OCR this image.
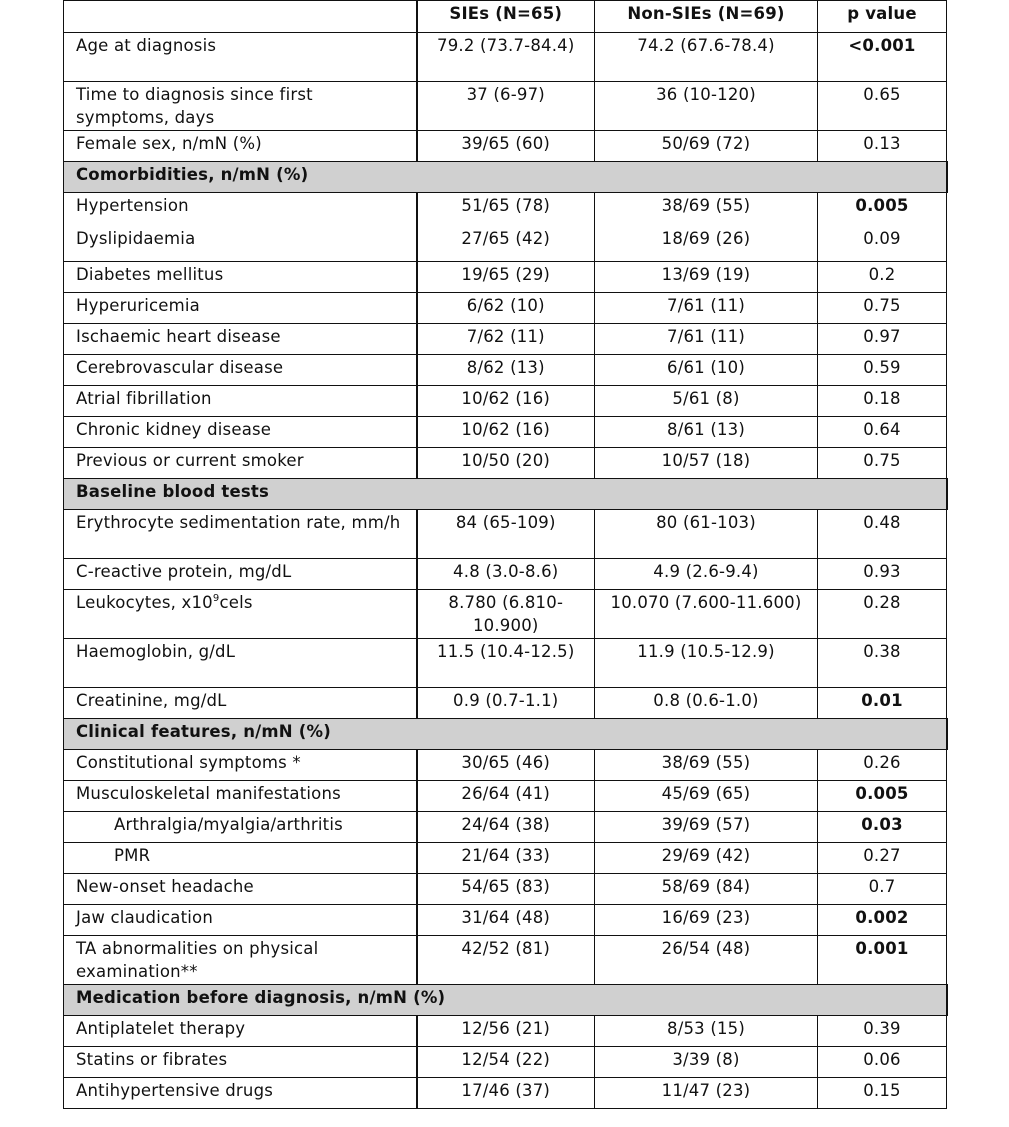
	SIEs (N=65)	Non-SIEs (N=69)	p value
Age at diagnosis	79.2 (73.7-84.4)	74.2 (67.6-78.4)	<0.001
Time to diagnosis since first symptoms, days	37 (6-97)	36 (10-120)	0.65
Female sex, n/mN (%)	39/65 (60)	50/69 (72)	0.13
Comorbidities, n/mN (%)			
Hypertension	51/65 (78)	38/69 (55)	0.005
Dyslipidaemia	27/65 (42)	18/69 (26)	0.09
Diabetes mellitus	19/65 (29)	13/69 (19)	0.2
Hyperuricemia	6/62 (10)	7/61 (11)	0.75
Ischaemic heart disease	7/62 (11)	7/61 (11)	0.97
Cerebrovascular disease	8/62 (13)	6/61 (10)	0.59
Atrial fibrillation	10/62 (16)	5/61 (8)	0.18
Chronic kidney disease	10/62 (16)	8/61 (13)	0.64
Previous or current smoker	10/50 (20)	10/57 (18)	0.75
Baseline blood tests			
Erythrocyte sedimentation rate, mm/h	84 (65-109)	80 (61-103)	0.48
C-reactive protein, mg/dL	4.8 (3.0-8.6)	4.9 (2.6-9.4)	0.93
Leukocytes, $x10^9cels$	8.780 (6.810-10.900)	10.070 (7.600-11.600)	0.28
Haemoglobin, g/dL	11.5 (10.4-12.5)	11.9 (10.5-12.9)	0.38
Creatinine, mg/dL	0.9 (0.7-1.1)	0.8 (0.6-1.0)	0.01
Clinical features, n/mN (%)			
Constitutional symptoms *	30/65 (46)	38/69 (55)	0.26
Musculoskeletal manifestations	26/64 (41)	45/69 (65)	0.005
Arthralgia/myalgia/arthritis	24/64 (38)	39/69 (57)	0.03
PMR	21/64 (33)	29/69 (42)	0.27
New-onset headache	54/65 (83)	58/69 (84)	0.7
Jaw claudication	31/64 (48)	16/69 (23)	0.002
TA abnormalities on physical examination**	42/52 (81)	26/54 (48)	0.001
Medication before diagnosis, n/mN (%)			
Antiplatelet therapy	12/56 (21)	8/53 (15)	0.39
Statins or fibrates	12/54 (22)	3/39 (8)	0.06
Antihypertensive drugs	17/46 (37)	11/47 (23)	0.15
